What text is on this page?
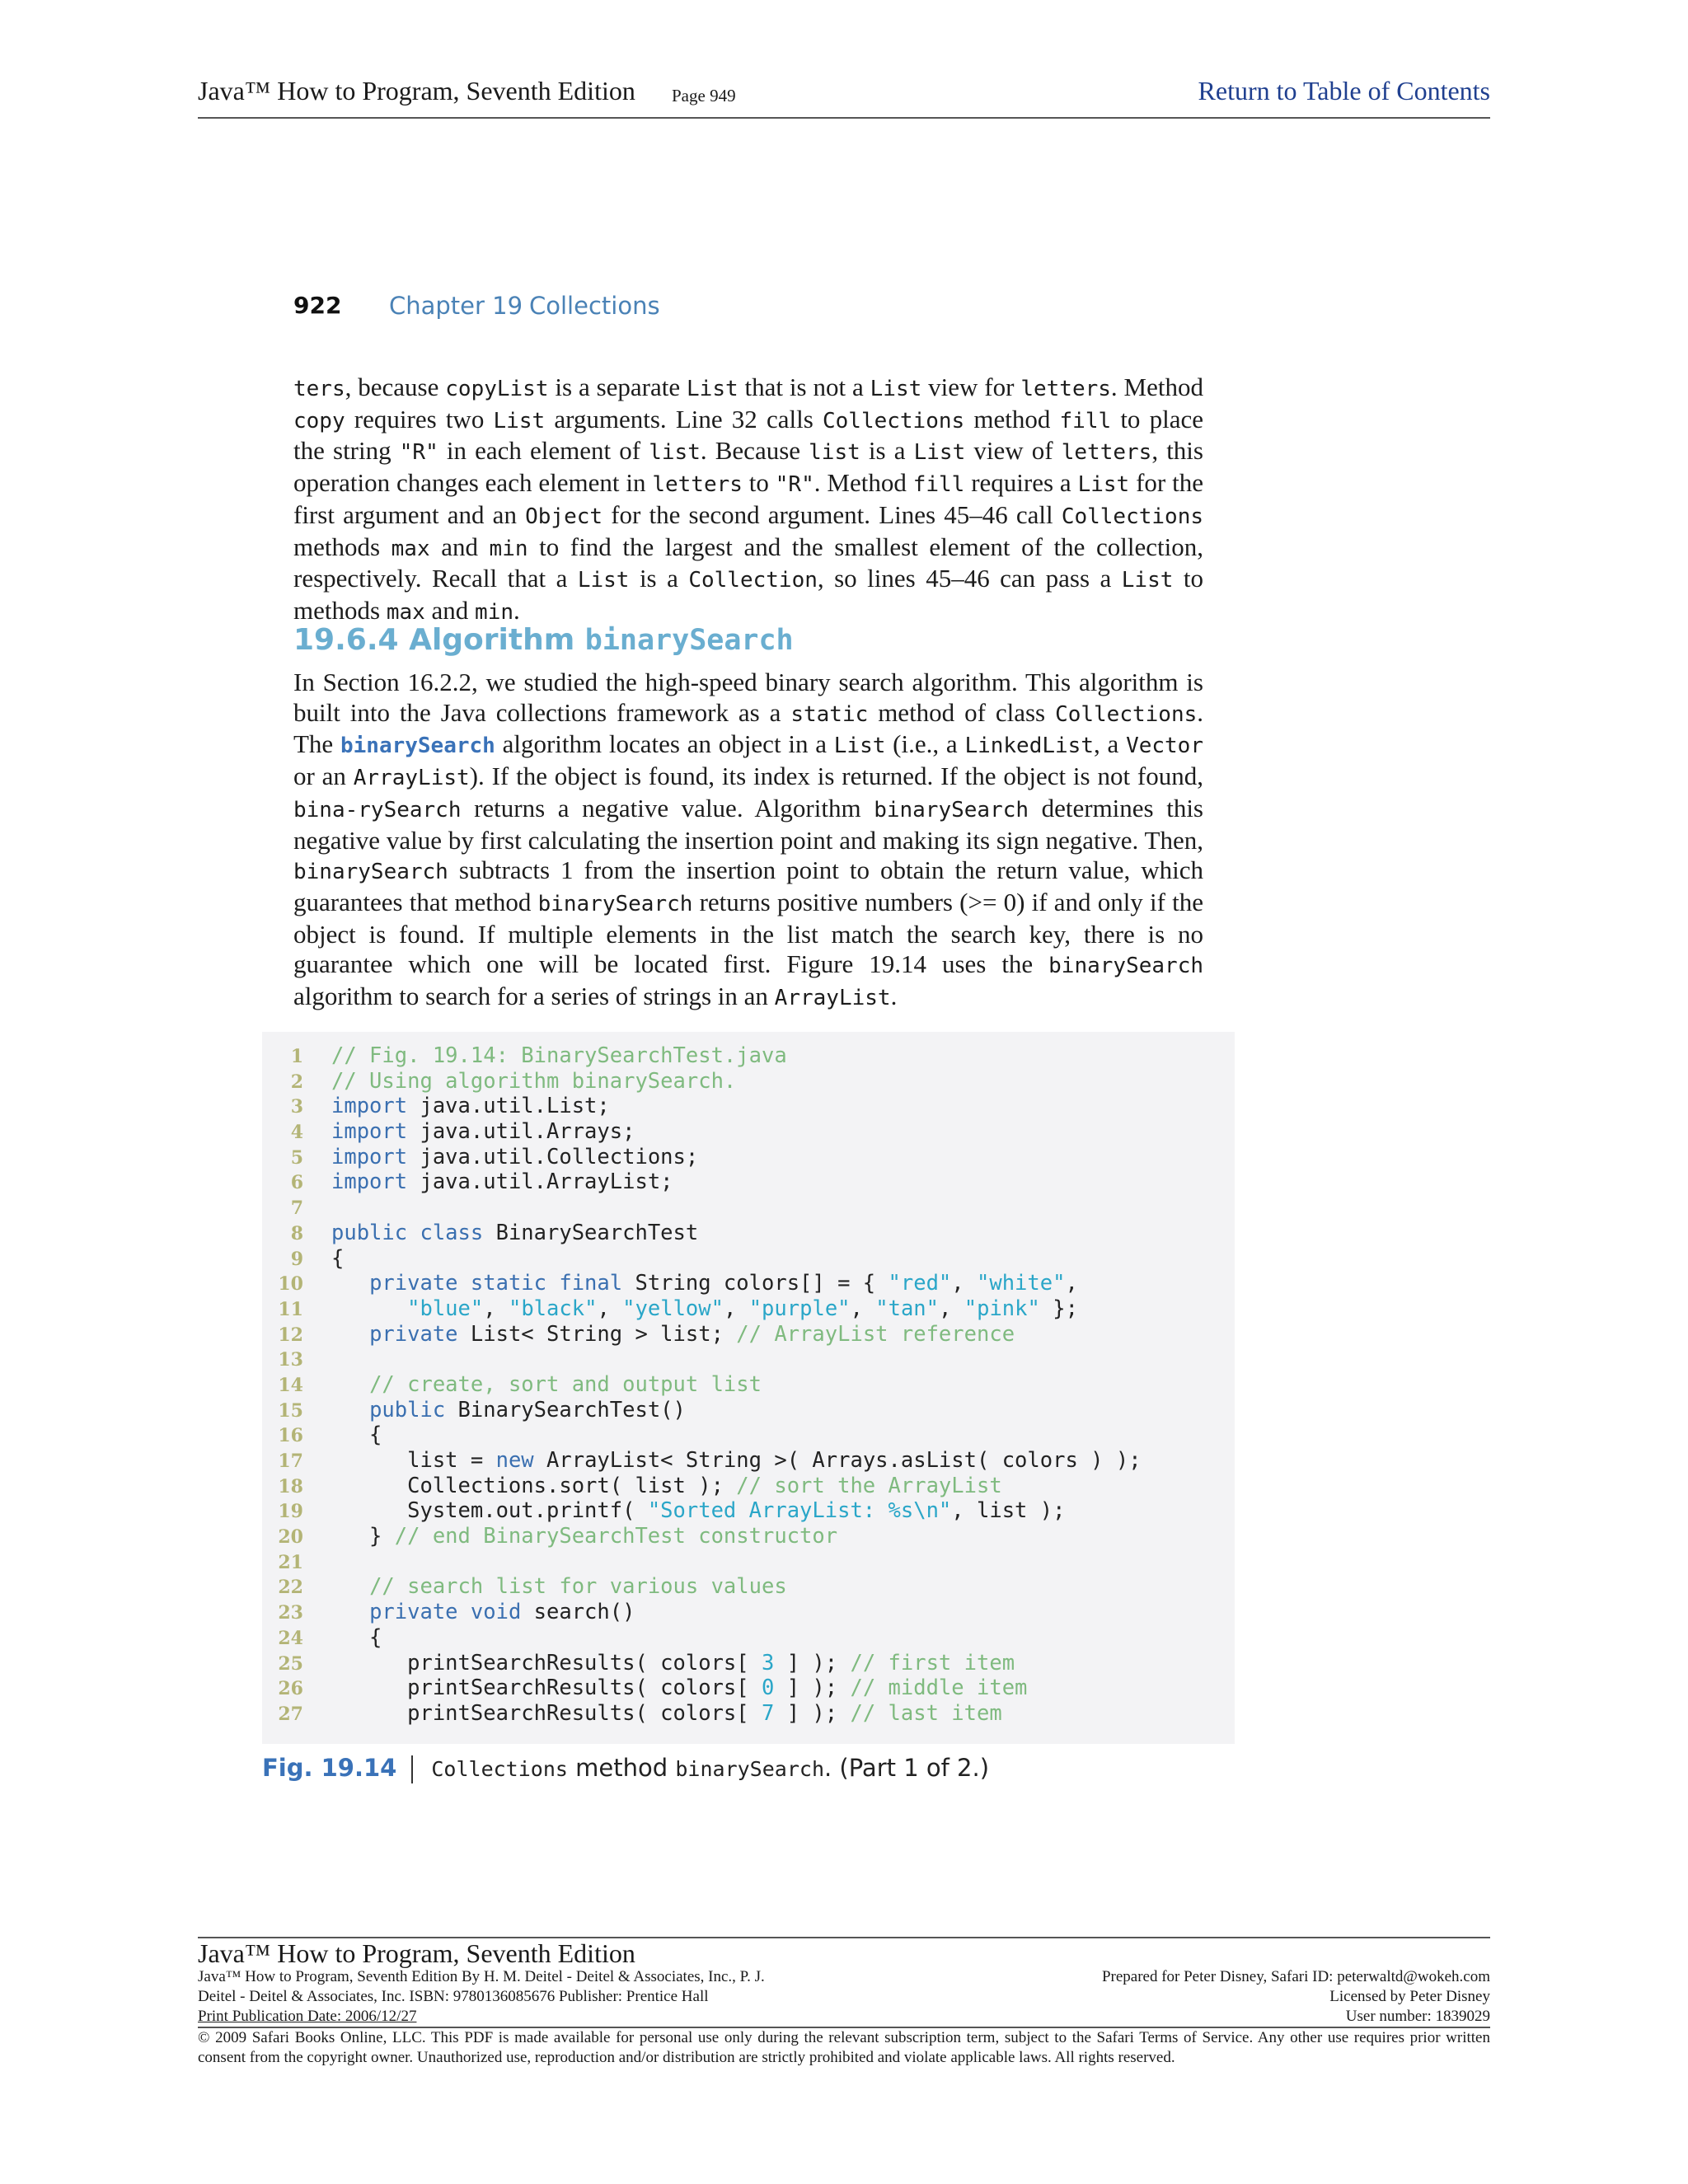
Java™ How to Program, Seventh Edition Page 949	Return to Table of Contents
922 Chapter 19 Collections
ters, because copyList is a separate List that is not a List view for letters. Method copy requires two List arguments. Line 32 calls Collections method fill to place the string "R" in each element of list. Because list is a List view of letters, this operation changes each element in letters to "R". Method fill requires a List for the first argument and an Object for the second argument. Lines 45–46 call Collections methods max and min to find the largest and the smallest element of the collection, respectively. Recall that a List is a Collection, so lines 45–46 can pass a List to methods max and min.
19.6.4 Algorithm binarySearch
In Section 16.2.2, we studied the high-speed binary search algorithm. This algorithm is built into the Java collections framework as a static method of class Collections. The binarySearch algorithm locates an object in a List (i.e., a LinkedList, a Vector or an ArrayList). If the object is found, its index is returned. If the object is not found, bina-rySearch returns a negative value. Algorithm binarySearch determines this negative value by first calculating the insertion point and making its sign negative. Then, binarySearch subtracts 1 from the insertion point to obtain the return value, which guarantees that method binarySearch returns positive numbers (>= 0) if and only if the object is found. If multiple elements in the list match the search key, there is no guarantee which one will be located first. Figure 19.14 uses the binarySearch algorithm to search for a series of strings in an ArrayList.
1 // Fig. 19.14: BinarySearchTest.java
2 // Using algorithm binarySearch.
3 import java.util.List;
4 import java.util.Arrays;
5 import java.util.Collections;
6 import java.util.ArrayList;
7
8 public class BinarySearchTest
9 {
10	private static final String colors[] = { "red", "white",
11	"blue", "black", "yellow", "purple", "tan", "pink" };
12	private List< String > list; // ArrayList reference
13
14	// create, sort and output list
15	public BinarySearchTest()
16   {
17      list = new ArrayList< String >( Arrays.asList( colors ) );
18      Collections.sort( list ); // sort the ArrayList
19      System.out.printf( "Sorted ArrayList: %s\n", list );
20   } // end BinarySearchTest constructor
21
22	// search list for various values
23	private void search()
24   {
25      printSearchResults( colors[ 3 ] ); // first item
26      printSearchResults( colors[ 0 ] ); // middle item
27      printSearchResults( colors[ 7 ] ); // last item
Fig. 19.14 Collections method binarySearch. (Part 1 of 2.)
Java™ How to Program, Seventh Edition
Java™ How to Program, Seventh Edition By H. M. Deitel - Deitel & Associates, Inc., P. J.
Deitel - Deitel & Associates, Inc. ISBN: 9780136085676 Publisher: Prentice Hall
Print Publication Date: 2006/12/27
Prepared for Peter Disney, Safari ID: peterwaltd@wokeh.com
Licensed by Peter Disney
User number: 1839029
© 2009 Safari Books Online, LLC. This PDF is made available for personal use only during the relevant subscription term, subject to the Safari Terms of Service. Any other use requires prior written consent from the copyright owner. Unauthorized use, reproduction and/or distribution are strictly prohibited and violate applicable laws. All rights reserved.
